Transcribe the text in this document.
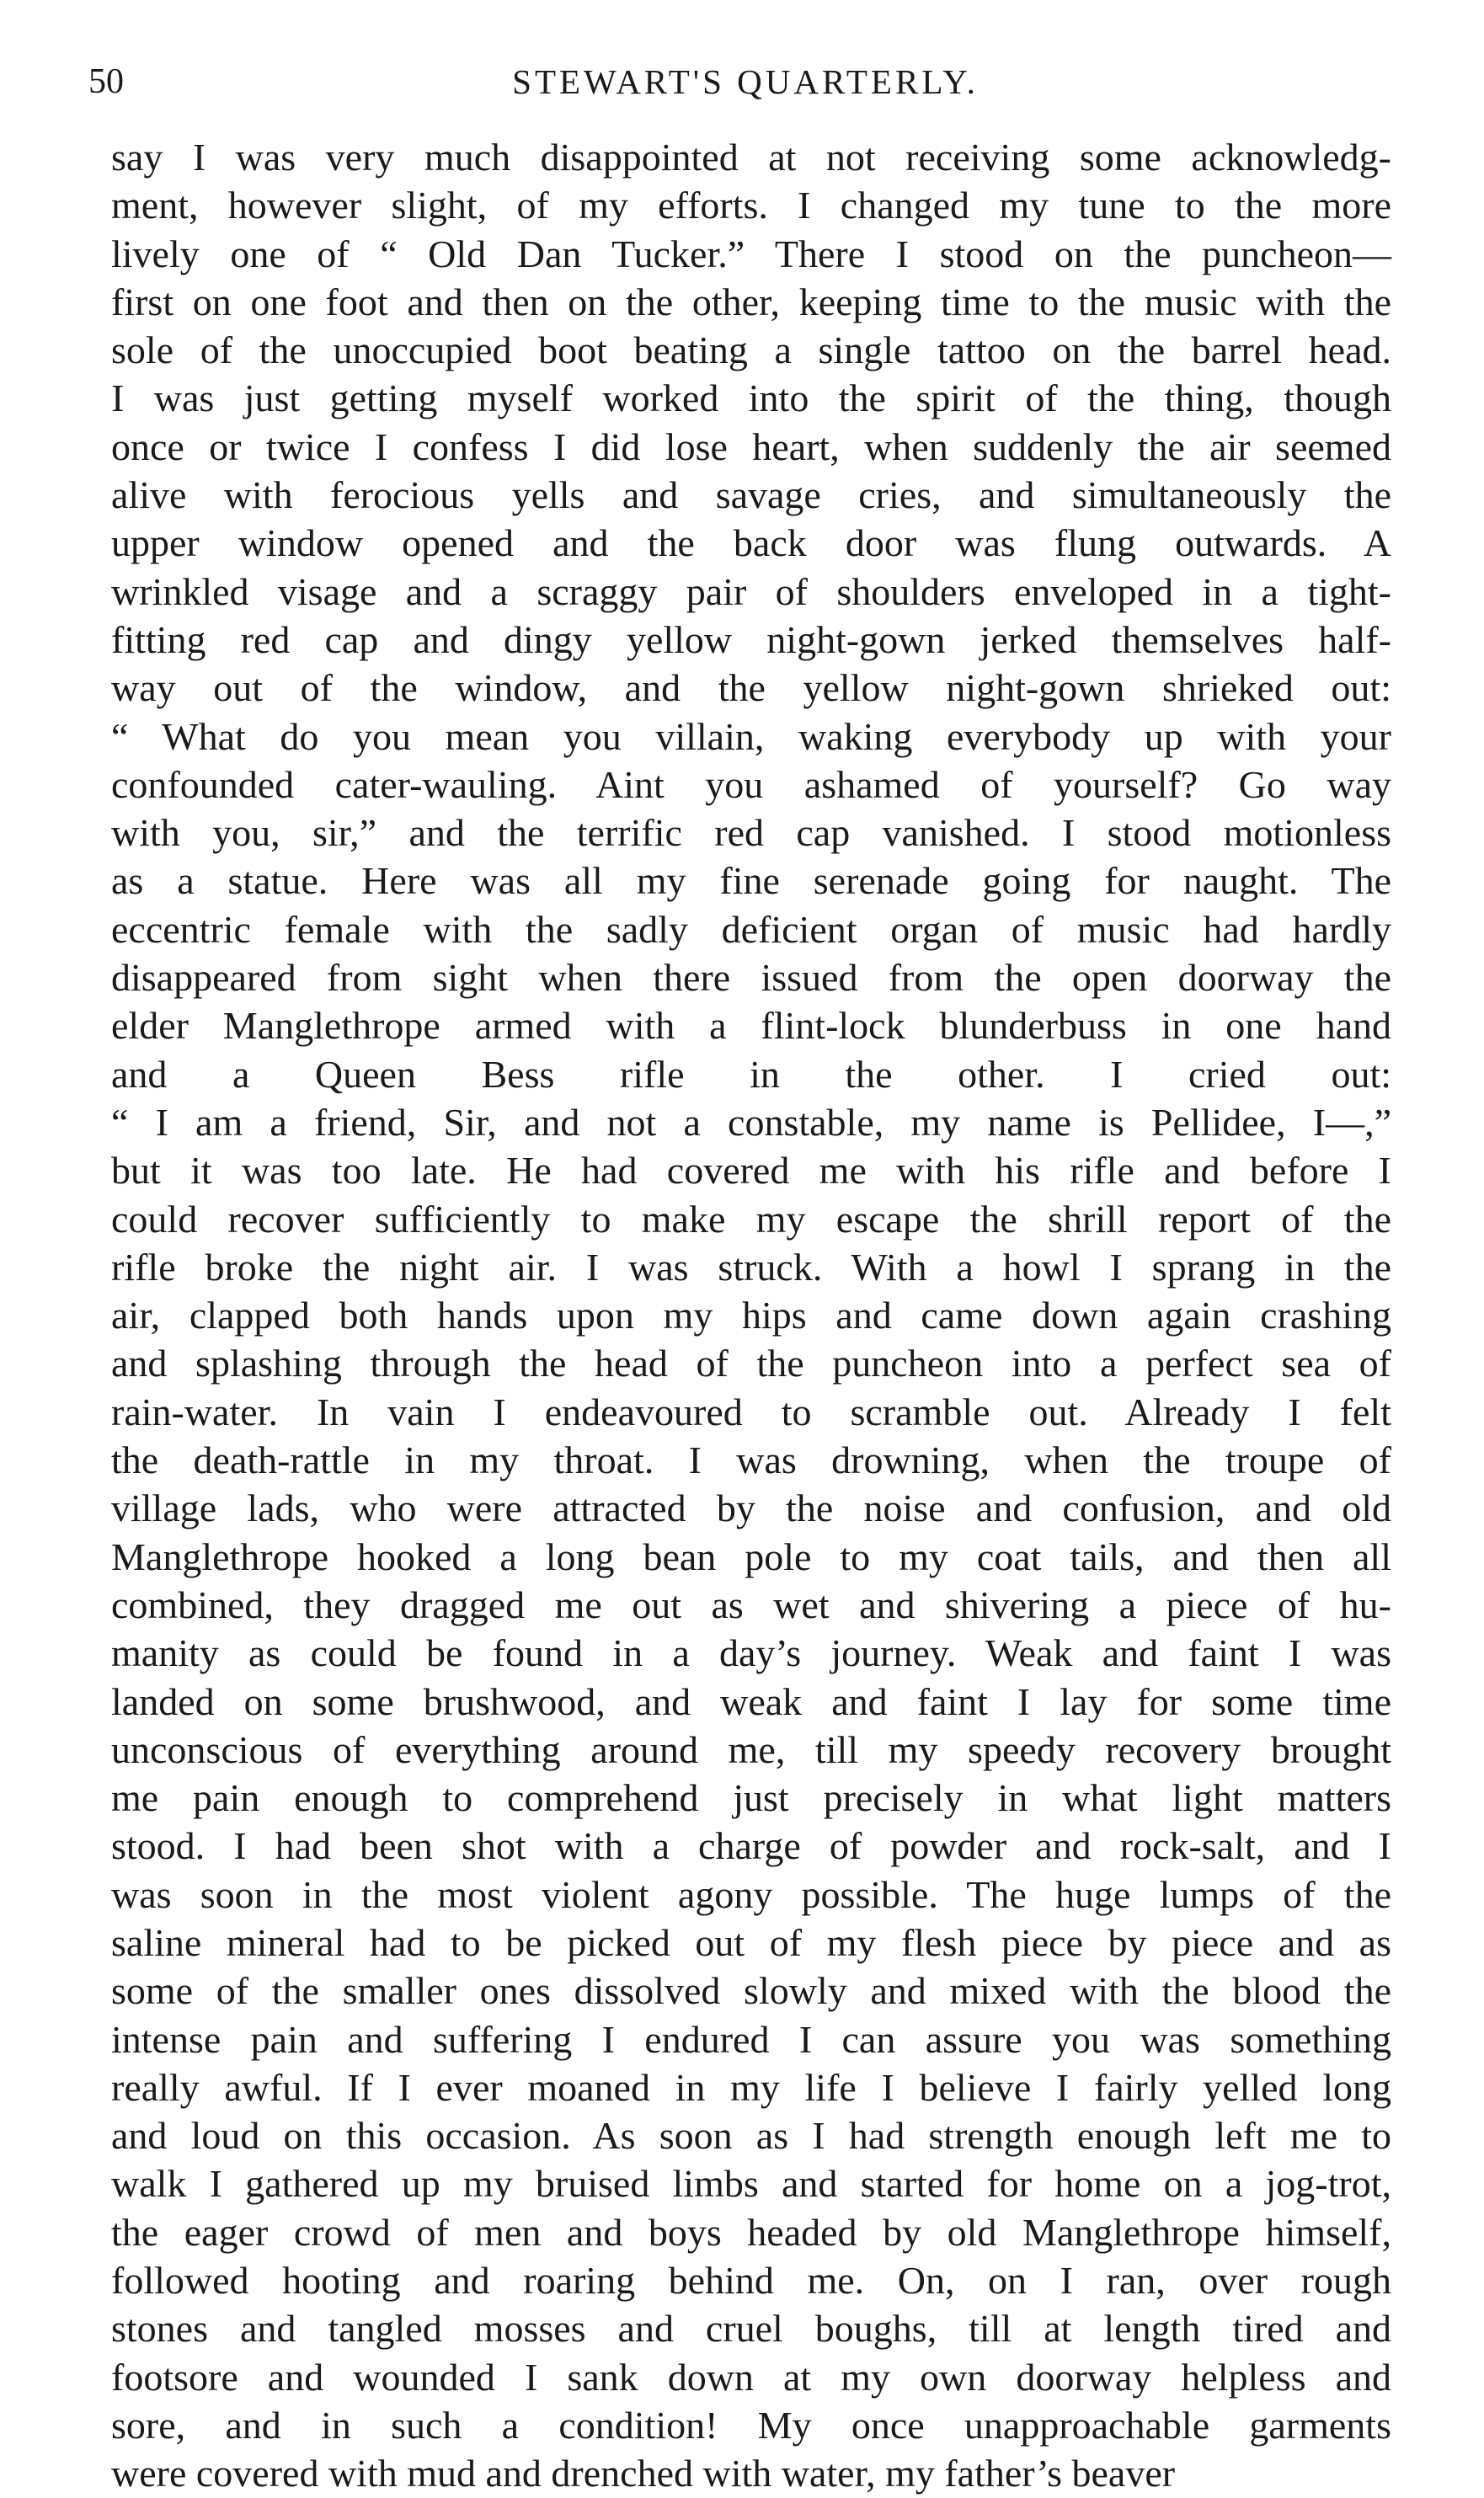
50	STEWART'S QUARTERLY.
say I was very much disappointed at not receiving some acknowledg-
ment, however slight, of my efforts. I changed my tune to the more
lively one of “ Old Dan Tucker.” There I stood on the puncheon—
first on one foot and then on the other, keeping time to the music with the
sole of the unoccupied boot beating a single tattoo on the barrel head.
I was just getting myself worked into the spirit of the thing, though
once or twice I confess I did lose heart, when suddenly the air seemed
alive with ferocious yells and savage cries, and simultaneously the
upper window opened and the back door was flung outwards. A
wrinkled visage and a scraggy pair of shoulders enveloped in a tight-
fitting red cap and dingy yellow night-gown jerked themselves half-
way out of the window, and the yellow night-gown shrieked out:
“ What do you mean you villain, waking everybody up with your
confounded cater-wauling. Aint you ashamed of yourself? Go way
with you, sir,” and the terrific red cap vanished. I stood motionless
as a statue. Here was all my fine serenade going for naught. The
eccentric female with the sadly deficient organ of music had hardly
disappeared from sight when there issued from the open doorway the
elder Manglethrope armed with a flint-lock blunderbuss in one hand
and a Queen Bess rifle in the other. I cried out:
“ I am a friend, Sir, and not a constable, my name is Pellidee, I—,”
but it was too late. He had covered me with his rifle and before I
could recover sufficiently to make my escape the shrill report of the
rifle broke the night air. I was struck. With a howl I sprang in the
air, clapped both hands upon my hips and came down again crashing
and splashing through the head of the puncheon into a perfect sea of
rain-water. In vain I endeavoured to scramble out. Already I felt
the death-rattle in my throat. I was drowning, when the troupe of
village lads, who were attracted by the noise and confusion, and old
Manglethrope hooked a long bean pole to my coat tails, and then all
combined, they dragged me out as wet and shivering a piece of hu-
manity as could be found in a day’s journey. Weak and faint I was
landed on some brushwood, and weak and faint I lay for some time
unconscious of everything around me, till my speedy recovery brought
me pain enough to comprehend just precisely in what light matters
stood. I had been shot with a charge of powder and rock-salt, and I
was soon in the most violent agony possible. The huge lumps of the
saline mineral had to be picked out of my flesh piece by piece and as
some of the smaller ones dissolved slowly and mixed with the blood the
intense pain and suffering I endured I can assure you was something
really awful. If I ever moaned in my life I believe I fairly yelled long
and loud on this occasion. As soon as I had strength enough left me to
walk I gathered up my bruised limbs and started for home on a jog-trot,
the eager crowd of men and boys headed by old Manglethrope himself,
followed hooting and roaring behind me. On, on I ran, over rough
stones and tangled mosses and cruel boughs, till at length tired and
footsore and wounded I sank down at my own doorway helpless and
sore, and in such a condition! My once unapproachable garments
were covered with mud and drenched with water, my father’s beaver
